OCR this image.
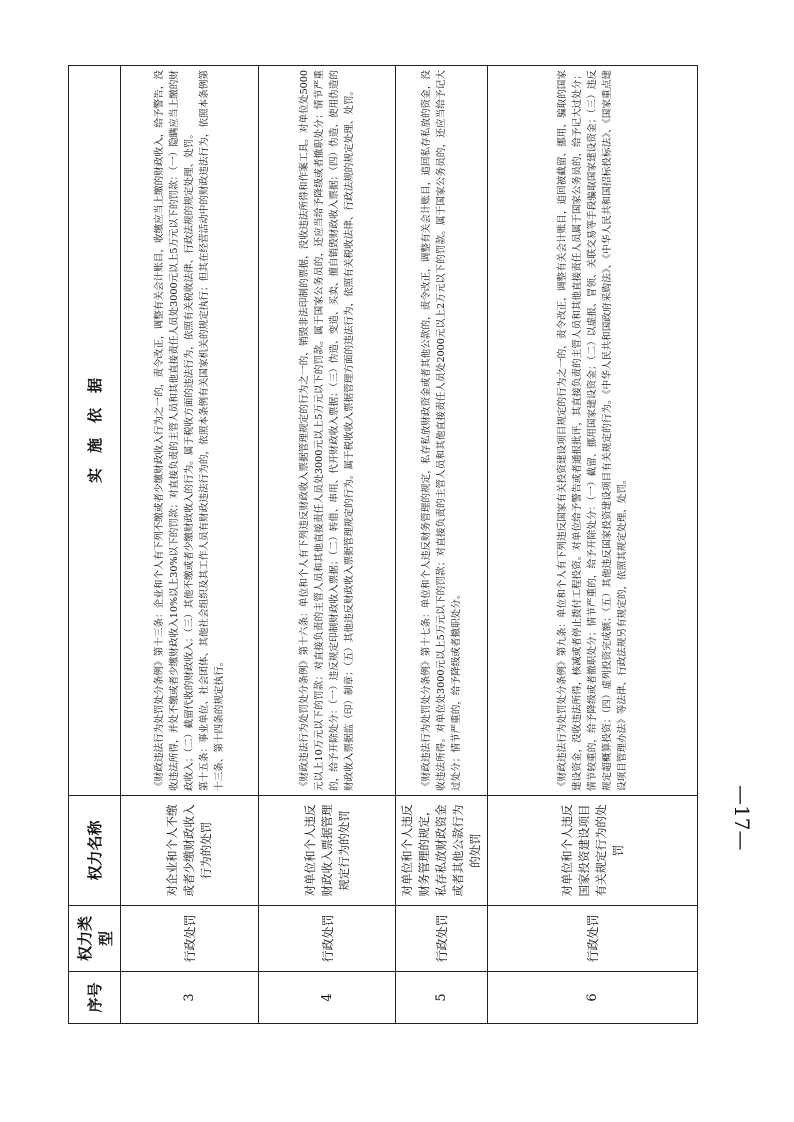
序号	权力类型	权力名称	实　施　依　据
3	行政处罚	对企业和个人不缴或者少缴财政收入行为的处罚	《财政违法行为处罚处分条例》第十三条：企业和个人有下列不缴或者少缴财政收入行为之一的，责令改正，调整有关会计账目，收缴应当上缴的财政收入，给予警告，没收违法所得，并处不缴或者少缴财政收入10%以上30%以下的罚款；对直接负责的主管人员和其他直接责任人员处3000元以上5万元以下的罚款：（一）隐瞒应当上缴的财政收入；（二）截留代收的财政收入；（三）其他不缴或者少缴财政收入的行为。属于税收方面的违法行为，依照有关税收法律、行政法规的规定处理、处罚。 第十五条：事业单位、社会团体、其他社会组织及其工作人员有财政违法行为的，依照本条例有关国家机关的规定执行；但其在经营活动中的财政违法行为，依照本条例第十三条、第十四条的规定执行。

4	行政处罚	对单位和个人违反财政收入票据管理规定行为的处罚	《财政违法行为处罚处分条例》第十六条：单位和个人有下列违反财政收入票据管理规定的行为之一的，销毁非法印制的票据，没收违法所得和作案工具。对单位处5000元以上10万元以下的罚款；对直接负责的主管人员和其他直接责任人员处3000元以上5万元以下的罚款。属于国家公务员的，还应当给予降级或者撤职处分；情节严重的，给予开除处分：（一）违反规定印制财政收入票据；（二）转借、串用、代开财政收入票据；（三）伪造、变造、买卖、擅自销毁财政收入票据；（四）伪造、使用伪造的财政收入票据监（印）制章；（五）其他违反财政收入票据管理规定的行为。属于税收收入票据管理方面的违法行为，依照有关税收法律、行政法规的规定处理、处罚。

5	行政处罚	对单位和个人违反财务管理的规定，私存私放财政资金或者其他公款行为的处罚	《财政违法行为处罚处分条例》第十七条：单位和个人违反财务管理的规定，私存私放财政资金或者其他公款的，责令改正，调整有关会计账目，追回私存私放的资金，没收违法所得。对单位处3000元以上5万元以下的罚款；对直接负责的主管人员和其他直接责任人员处2000元以上2万元以下的罚款。属于国家公务员的，还应当给予记大过处分；情节严重的，给予降级或者撤职处分。

6	行政处罚	对单位和个人违反国家投资建设项目有关规定行为的处罚	《财政违法行为处罚处分条例》第九条：单位和个人有下列违反国家有关投资建设项目规定的行为之一的，责令改正，调整有关会计账目，追回被截留、挪用、骗取的国家建设资金，没收违法所得，核减或者停止拨付工程投资。对单位给予警告或者通报批评，其直接负责的主管人员和其他直接责任人员属于国家公务员的，给予记大过处分；情节较重的，给予降级或者撤职处分；情节严重的，给予开除处分：（一）截留、挪用国家建设资金；（二）以虚报、冒领、关联交易等手段骗取国家建设资金；（三）违反规定超概算投资；（四）虚列投资完成额；（五）其他违反国家投资建设项目有关规定的行为。《中华人民共和国政府采购法》、《中华人民共和国招标投标法》、《国家重点建设项目管理办法》等法律、行政法规另有规定的，依照其规定处理、处罚。

—17—
